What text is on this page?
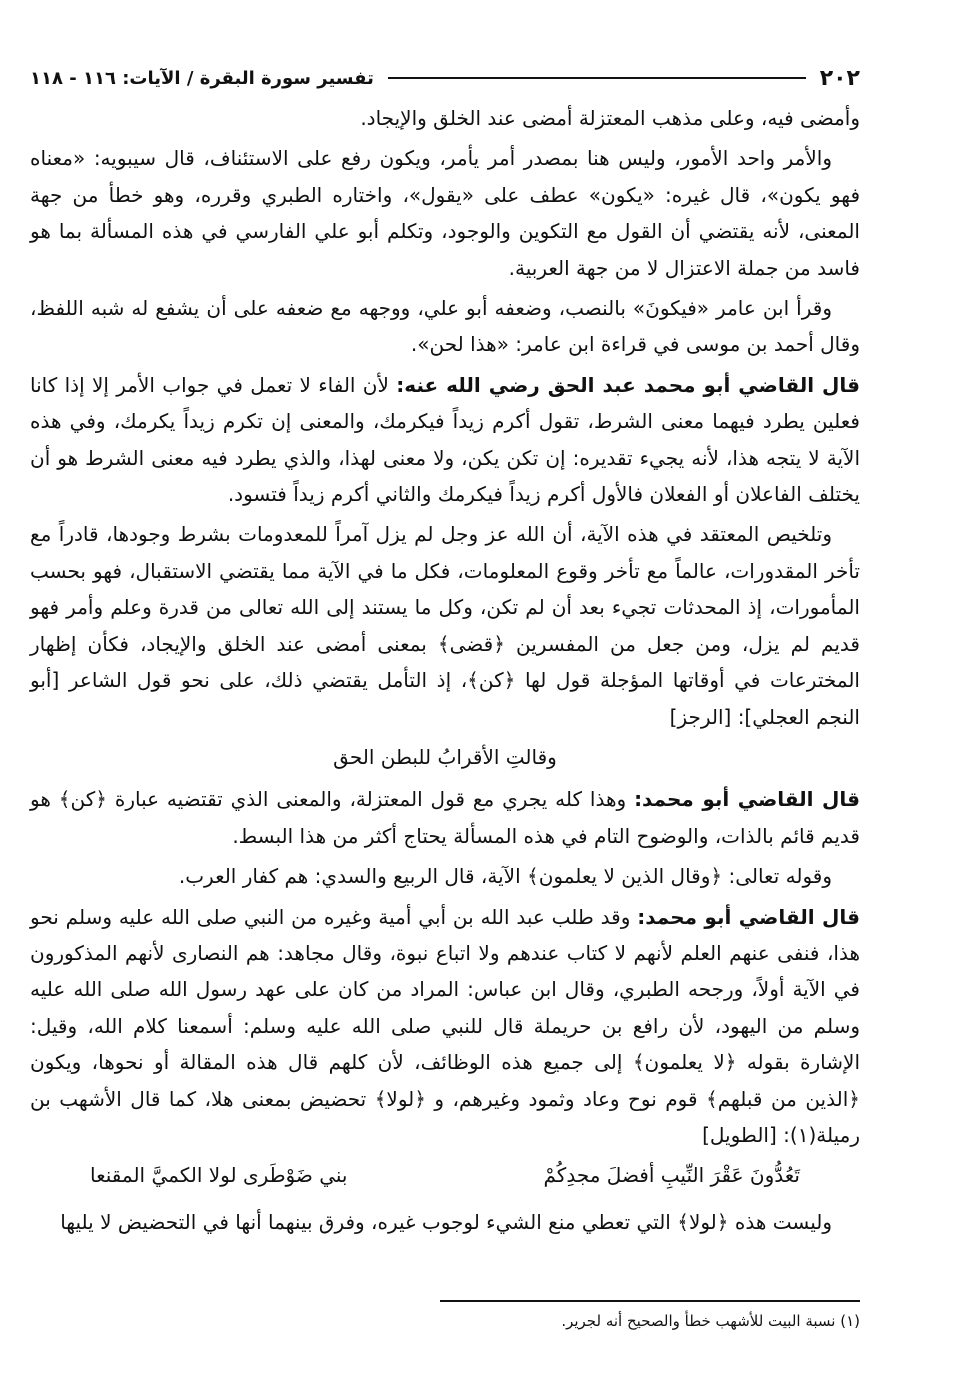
٢٠٢
تفسير سورة البقرة / الآيات: ١١٦ - ١١٨

وأمضى فيه، وعلى مذهب المعتزلة أمضى عند الخلق والإيجاد.

والأمر واحد الأمور، وليس هنا بمصدر أمر يأمر، ويكون رفع على الاستئناف، قال سيبويه: «معناه فهو يكون»، قال غيره: «يكون» عطف على «يقول»، واختاره الطبري وقرره، وهو خطأ من جهة المعنى، لأنه يقتضي أن القول مع التكوين والوجود، وتكلم أبو علي الفارسي في هذه المسألة بما هو فاسد من جملة الاعتزال لا من جهة العربية.

وقرأ ابن عامر «فيكونَ» بالنصب، وضعفه أبو علي، ووجهه مع ضعفه على أن يشفع له شبه اللفظ، وقال أحمد بن موسى في قراءة ابن عامر: «هذا لحن».

قال القاضي أبو محمد عبد الحق رضي الله عنه: لأن الفاء لا تعمل في جواب الأمر إلا إذا كانا فعلين يطرد فيهما معنى الشرط، تقول أكرم زيداً فيكرمك، والمعنى إن تكرم زيداً يكرمك، وفي هذه الآية لا يتجه هذا، لأنه يجيء تقديره: إن تكن يكن، ولا معنى لهذا، والذي يطرد فيه معنى الشرط هو أن يختلف الفاعلان أو الفعلان فالأول أكرم زيداً فيكرمك والثاني أكرم زيداً فتسود.

وتلخيص المعتقد في هذه الآية، أن الله عز وجل لم يزل آمراً للمعدومات بشرط وجودها، قادراً مع تأخر المقدورات، عالماً مع تأخر وقوع المعلومات، فكل ما في الآية مما يقتضي الاستقبال، فهو بحسب المأمورات، إذ المحدثات تجيء بعد أن لم تكن، وكل ما يستند إلى الله تعالى من قدرة وعلم وأمر فهو قديم لم يزل، ومن جعل من المفسرين ﴿قضى﴾ بمعنى أمضى عند الخلق والإيجاد، فكأن إظهار المخترعات في أوقاتها المؤجلة قول لها ﴿كن﴾، إذ التأمل يقتضي ذلك، على نحو قول الشاعر [أبو النجم العجلي]: [الرجز]

وقالتِ الأقرابُ للبطن الحق

قال القاضي أبو محمد: وهذا كله يجري مع قول المعتزلة، والمعنى الذي تقتضيه عبارة ﴿كن﴾ هو قديم قائم بالذات، والوضوح التام في هذه المسألة يحتاج أكثر من هذا البسط.

وقوله تعالى: ﴿وقال الذين لا يعلمون﴾ الآية، قال الربيع والسدي: هم كفار العرب.

قال القاضي أبو محمد: وقد طلب عبد الله بن أبي أمية وغيره من النبي صلى الله عليه وسلم نحو هذا، فنفى عنهم العلم لأنهم لا كتاب عندهم ولا اتباع نبوة، وقال مجاهد: هم النصارى لأنهم المذكورون في الآية أولاً، ورجحه الطبري، وقال ابن عباس: المراد من كان على عهد رسول الله صلى الله عليه وسلم من اليهود، لأن رافع بن حريملة قال للنبي صلى الله عليه وسلم: أسمعنا كلام الله، وقيل: الإشارة بقوله ﴿لا يعلمون﴾ إلى جميع هذه الوظائف، لأن كلهم قال هذه المقالة أو نحوها، ويكون ﴿الذين من قبلهم﴾ قوم نوح وعاد وثمود وغيرهم، و ﴿لولا﴾ تحضيض بمعنى هلا، كما قال الأشهب بن رميلة(١): [الطويل]

تَعُدُّونَ عَقْرَ النِّيبِ أفضلَ مجدِكُمْ
بني ضَوْطَرى لولا الكميَّ المقنعا

وليست هذه ﴿لولا﴾ التي تعطي منع الشيء لوجوب غيره، وفرق بينهما أنها في التحضيض لا يليها

(١) نسبة البيت للأشهب خطأ والصحيح أنه لجرير.
